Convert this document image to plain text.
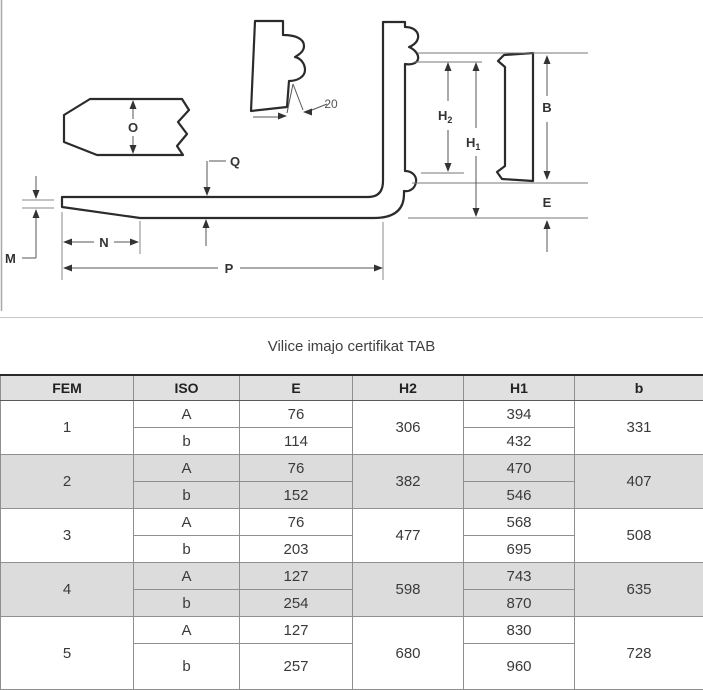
O
M
N
P
Q
H2
H1
B
E
20
Vilice imajo certifikat TAB
FEM	ISO	E	H2	H1	b
1	A	76	306	394	331
	b	114		432	
2	A	76	382	470	407
	b	152		546	
3	A	76	477	568	508
	b	203		695	
4	A	127	598	743	635
	b	254		870	
5	A	127	680	830	728
	b	257		960	
